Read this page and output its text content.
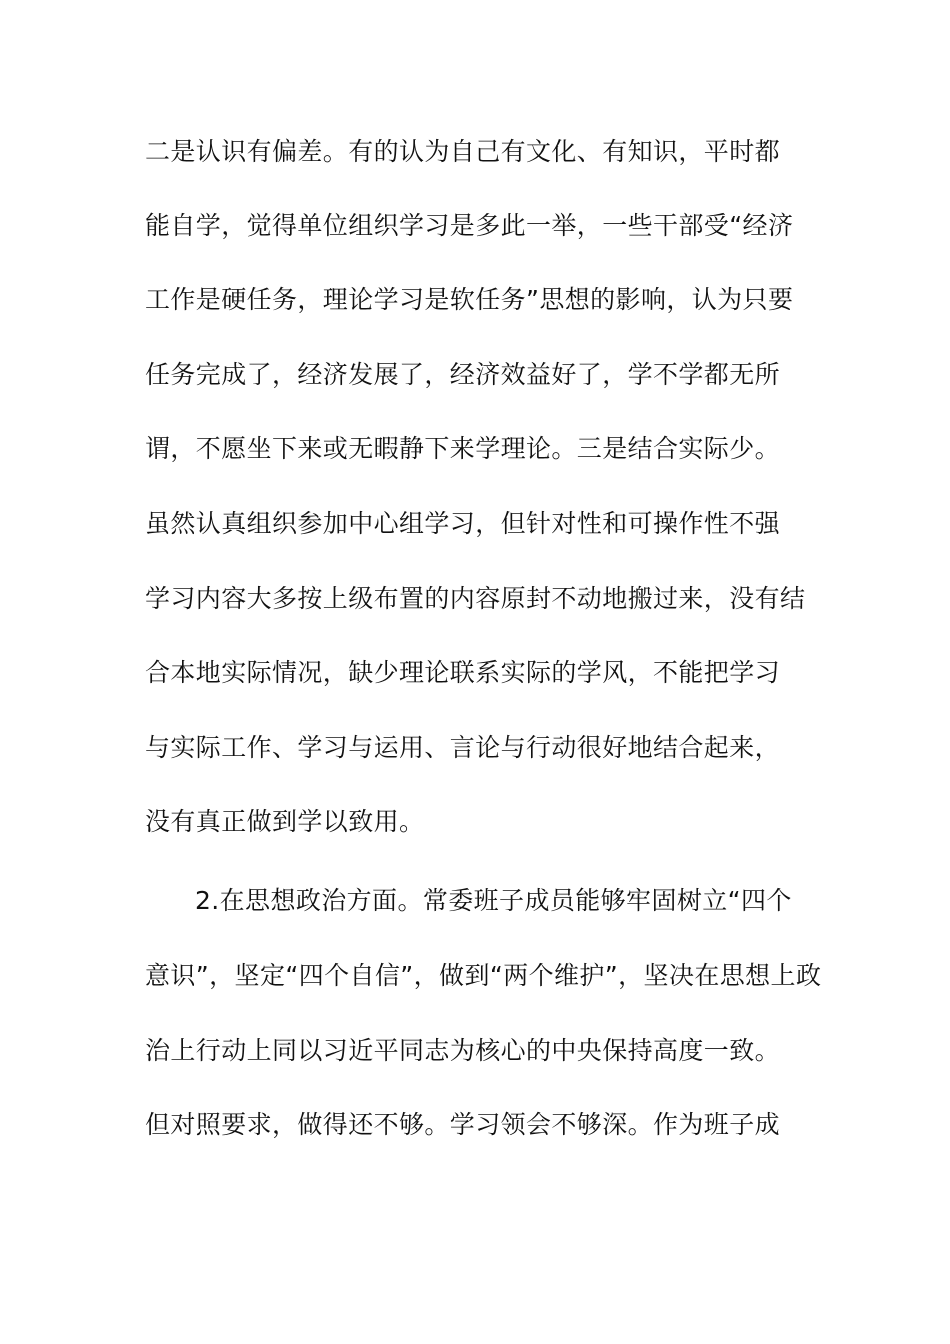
二是认识有偏差。有的认为自己有文化、有知识，平时都
能自学，觉得单位组织学习是多此一举，一些干部受“经济
工作是硬任务，理论学习是软任务”思想的影响，认为只要
任务完成了，经济发展了，经济效益好了，学不学都无所
谓，不愿坐下来或无暇静下来学理论。三是结合实际少。
虽然认真组织参加中心组学习，但针对性和可操作性不强
学习内容大多按上级布置的内容原封不动地搬过来，没有结
合本地实际情况，缺少理论联系实际的学风，不能把学习
与实际工作、学习与运用、言论与行动很好地结合起来，
没有真正做到学以致用。
2.在思想政治方面。常委班子成员能够牢固树立“四个
意识”，坚定“四个自信”，做到“两个维护”，坚决在思想上政
治上行动上同以习近平同志为核心的中央保持高度一致。
但对照要求，做得还不够。学习领会不够深。作为班子成
